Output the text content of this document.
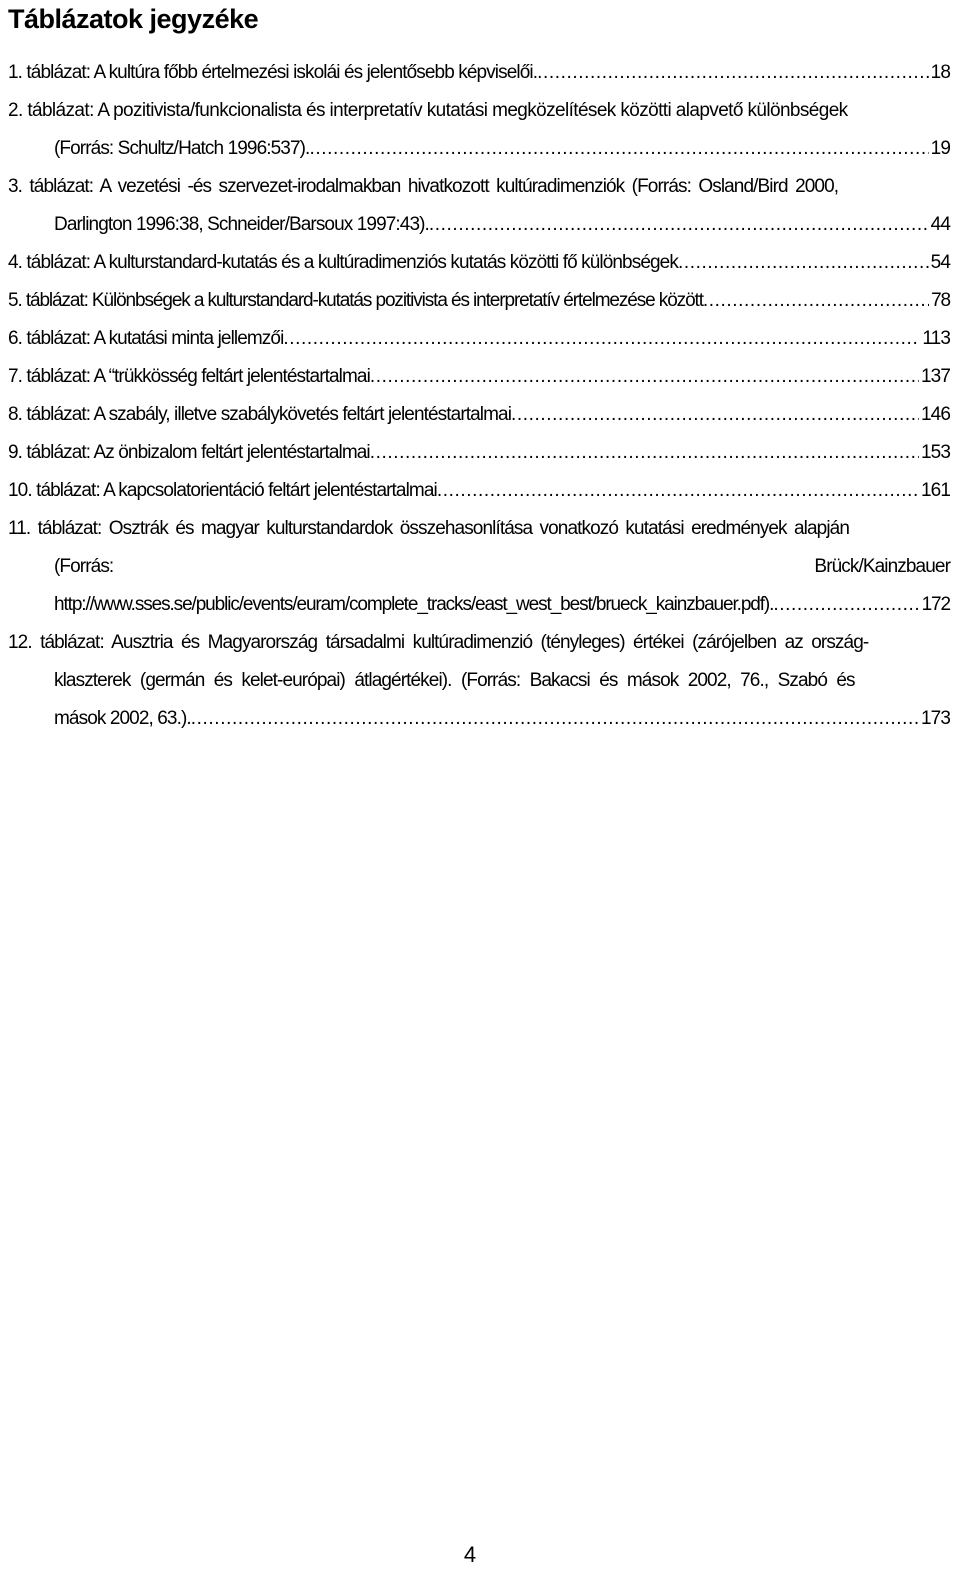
Táblázatok jegyzéke
1. táblázat: A kultúra főbb értelmezési iskolái és jelentősebb képviselői. .....	18
2. táblázat: A pozitivista/funkcionalista és interpretatív kutatási megközelítések közötti alapvető különbségek
(Forrás: Schultz/Hatch 1996:537). .....	19
3. táblázat: A vezetési -és szervezet-irodalmakban hivatkozott kultúradimenziók (Forrás: Osland/Bird 2000,
Darlington 1996:38, Schneider/Barsoux 1997:43). .....	44
4. táblázat: A kulturstandard-kutatás és a kultúradimenziós kutatás közötti fő különbségek .....	54
5. táblázat: Különbségek a kulturstandard-kutatás pozitivista és interpretatív értelmezése között .....	78
6. táblázat: A kutatási minta jellemzői .....	113
7. táblázat: A “trükkösség feltárt jelentéstartalmai .....	137
8. táblázat: A szabály, illetve szabálykövetés feltárt jelentéstartalmai .....	146
9. táblázat: Az önbizalom feltárt jelentéstartalmai .....	153
10. táblázat: A kapcsolatorientáció feltárt jelentéstartalmai .....	161
11. táblázat: Osztrák és magyar kulturstandardok összehasonlítása vonatkozó kutatási eredmények alapján
(Forrás:	Brück/Kainzbauer
http://www.sses.se/public/events/euram/complete_tracks/east_west_best/brueck_kainzbauer.pdf). .....	172
12. táblázat: Ausztria és Magyarország társadalmi kultúradimenzió (tényleges) értékei (zárójelben az ország-
klaszterek (germán és kelet-európai) átlagértékei). (Forrás: Bakacsi és mások 2002, 76., Szabó és
mások 2002, 63.). .....	173
4
